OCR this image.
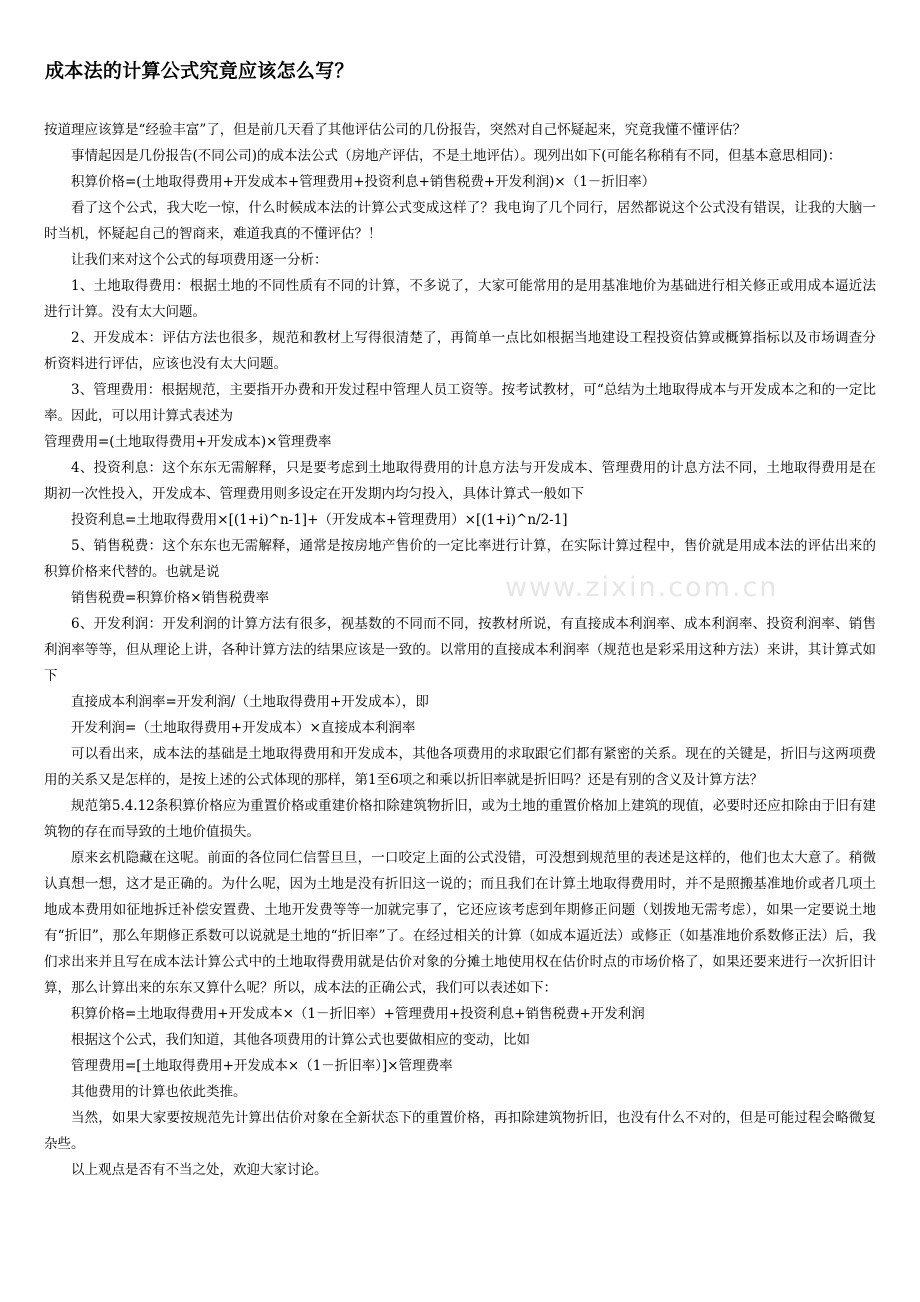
成本法的计算公式究竟应该怎么写？

按道理应该算是“经验丰富”了，但是前几天看了其他评估公司的几份报告，突然对自己怀疑起来，究竟我懂不懂评估？

事情起因是几份报告(不同公司)的成本法公式（房地产评估，不是土地评估）。现列出如下(可能名称稍有不同，但基本意思相同)：

积算价格=(土地取得费用+开发成本+管理费用+投资利息+销售税费+开发利润)×（1－折旧率）

看了这个公式，我大吃一惊，什么时候成本法的计算公式变成这样了？我电询了几个同行，居然都说这个公式没有错误，让我的大脑一时当机，怀疑起自己的智商来，难道我真的不懂评估？！

让我们来对这个公式的每项费用逐一分析：

1、土地取得费用：根据土地的不同性质有不同的计算，不多说了，大家可能常用的是用基准地价为基础进行相关修正或用成本逼近法进行计算。没有太大问题。

2、开发成本：评估方法也很多，规范和教材上写得很清楚了，再简单一点比如根据当地建设工程投资估算或概算指标以及市场调查分析资料进行评估，应该也没有太大问题。

3、管理费用：根据规范，主要指开办费和开发过程中管理人员工资等。按考试教材，可“总结为土地取得成本与开发成本之和的一定比率。因此，可以用计算式表述为

管理费用=(土地取得费用+开发成本)×管理费率

4、投资利息：这个东东无需解释，只是要考虑到土地取得费用的计息方法与开发成本、管理费用的计息方法不同，土地取得费用是在期初一次性投入，开发成本、管理费用则多设定在开发期内均匀投入，具体计算式一般如下

投资利息=土地取得费用×[(1+i)^n-1]+（开发成本+管理费用）×[(1+i)^n/2-1]

5、销售税费：这个东东也无需解释，通常是按房地产售价的一定比率进行计算，在实际计算过程中，售价就是用成本法的评估出来的积算价格来代替的。也就是说

销售税费=积算价格×销售税费率

6、开发利润：开发利润的计算方法有很多，视基数的不同而不同，按教材所说，有直接成本利润率、成本利润率、投资利润率、销售利润率等等，但从理论上讲，各种计算方法的结果应该是一致的。以常用的直接成本利润率（规范也是彩采用这种方法）来讲，其计算式如下

直接成本利润率=开发利润/（土地取得费用+开发成本），即

开发利润=（土地取得费用+开发成本）×直接成本利润率

可以看出来，成本法的基础是土地取得费用和开发成本，其他各项费用的求取跟它们都有紧密的关系。现在的关键是，折旧与这两项费用的关系又是怎样的，是按上述的公式体现的那样，第1至6项之和乘以折旧率就是折旧吗？还是有别的含义及计算方法？

规范第5.4.12条积算价格应为重置价格或重建价格扣除建筑物折旧，或为土地的重置价格加上建筑的现值，必要时还应扣除由于旧有建筑物的存在而导致的土地价值损失。

原来玄机隐藏在这呢。前面的各位同仁信誓旦旦，一口咬定上面的公式没错，可没想到规范里的表述是这样的，他们也太大意了。稍微认真想一想，这才是正确的。为什么呢，因为土地是没有折旧这一说的；而且我们在计算土地取得费用时，并不是照搬基准地价或者几项土地成本费用如征地拆迁补偿安置费、土地开发费等等一加就完事了，它还应该考虑到年期修正问题（划拨地无需考虑），如果一定要说土地有“折旧”，那么年期修正系数可以说就是土地的“折旧率”了。在经过相关的计算（如成本逼近法）或修正（如基准地价系数修正法）后，我们求出来并且写在成本法计算公式中的土地取得费用就是估价对象的分摊土地使用权在估价时点的市场价格了，如果还要来进行一次折旧计算，那么计算出来的东东又算什么呢？所以，成本法的正确公式，我们可以表述如下：

积算价格=土地取得费用+开发成本×（1－折旧率）+管理费用+投资利息+销售税费+开发利润

根据这个公式，我们知道，其他各项费用的计算公式也要做相应的变动，比如

管理费用=[土地取得费用+开发成本×（1－折旧率）]×管理费率

其他费用的计算也依此类推。

当然，如果大家要按规范先计算出估价对象在全新状态下的重置价格，再扣除建筑物折旧，也没有什么不对的，但是可能过程会略微复杂些。

以上观点是否有不当之处，欢迎大家讨论。

www.zixin.com.cn
